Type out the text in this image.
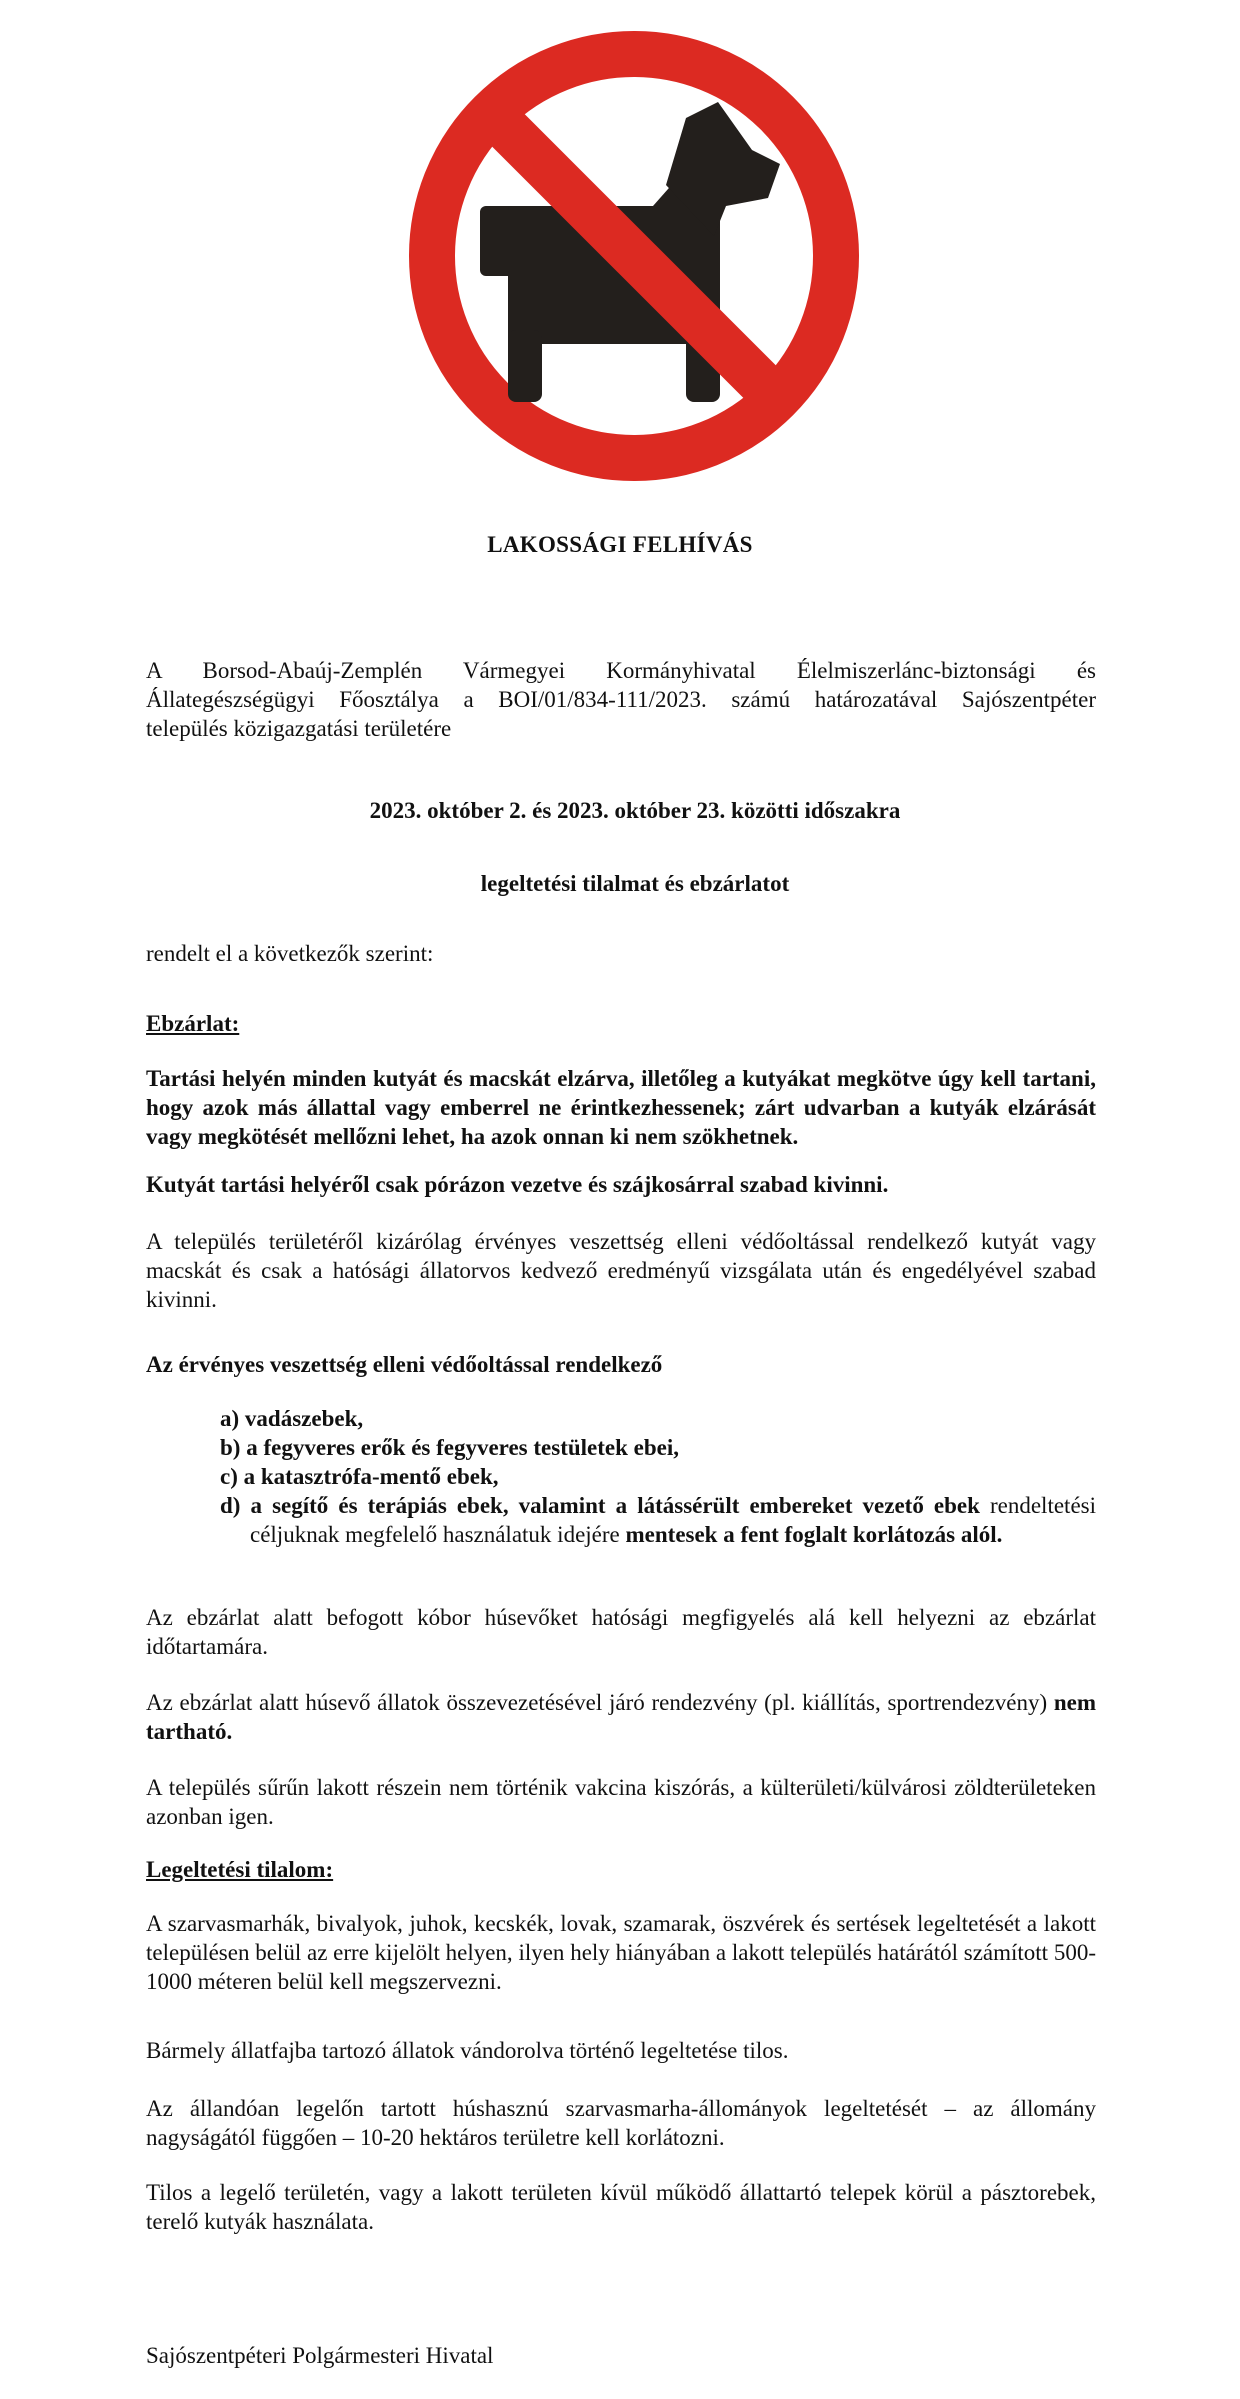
LAKOSSÁGI FELHÍVÁS
A Borsod-Abaúj-Zemplén Vármegyei Kormányhivatal Élelmiszerlánc-biztonsági és
Állategészségügyi Főosztálya a BOI/01/834-111/2023. számú határozatával Sajószentpéter
település közigazgatási területére
2023. október 2. és 2023. október 23. közötti időszakra
legeltetési tilalmat és ebzárlatot
rendelt el a következők szerint:
Ebzárlat:
Tartási helyén minden kutyát és macskát elzárva, illetőleg a kutyákat megkötve úgy kell tartani, hogy azok más állattal vagy emberrel ne érintkezhessenek; zárt udvarban a kutyák elzárását vagy megkötését mellőzni lehet, ha azok onnan ki nem szökhetnek.
Kutyát tartási helyéről csak pórázon vezetve és szájkosárral szabad kivinni.
A település területéről kizárólag érvényes veszettség elleni védőoltással rendelkező kutyát vagy macskát és csak a hatósági állatorvos kedvező eredményű vizsgálata után és engedélyével szabad kivinni.
Az érvényes veszettség elleni védőoltással rendelkező
a) vadászebek,
b) a fegyveres erők és fegyveres testületek ebei,
c) a katasztrófa-mentő ebek,
d) a segítő és terápiás ebek, valamint a látássérült embereket vezető ebek rendeltetési céljuknak megfelelő használatuk idejére mentesek a fent foglalt korlátozás alól.
Az ebzárlat alatt befogott kóbor húsevőket hatósági megfigyelés alá kell helyezni az ebzárlat időtartamára.
Az ebzárlat alatt húsevő állatok összevezetésével járó rendezvény (pl. kiállítás, sportrendezvény) nem tartható.
A település sűrűn lakott részein nem történik vakcina kiszórás, a külterületi/külvárosi zöldterületeken azonban igen.
Legeltetési tilalom:
A szarvasmarhák, bivalyok, juhok, kecskék, lovak, szamarak, öszvérek és sertések legeltetését a lakott településen belül az erre kijelölt helyen, ilyen hely hiányában a lakott település határától számított 500-1000 méteren belül kell megszervezni.
Bármely állatfajba tartozó állatok vándorolva történő legeltetése tilos.
Az állandóan legelőn tartott húshasznú szarvasmarha-állományok legeltetését – az állomány nagyságától függően – 10-20 hektáros területre kell korlátozni.
Tilos a legelő területén, vagy a lakott területen kívül működő állattartó telepek körül a pásztorebek, terelő kutyák használata.
Sajószentpéteri Polgármesteri Hivatal
